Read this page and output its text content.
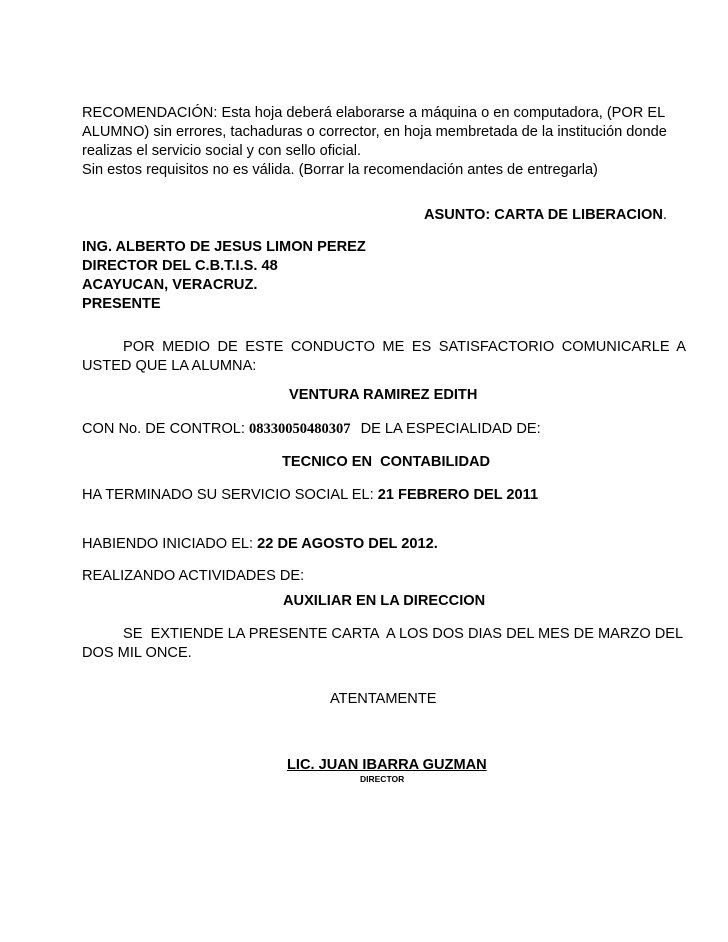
RECOMENDACIÓN: Esta hoja deberá elaborarse a máquina o en computadora, (POR EL
ALUMNO) sin errores, tachaduras o corrector, en hoja membretada de la institución donde
realizas el servicio social y con sello oficial.
Sin estos requisitos no es válida. (Borrar la recomendación antes de entregarla)
ASUNTO: CARTA DE LIBERACION.
ING. ALBERTO DE JESUS LIMON PEREZ
DIRECTOR DEL C.B.T.I.S. 48
ACAYUCAN, VERACRUZ.
PRESENTE
POR MEDIO DE ESTE CONDUCTO ME ES SATISFACTORIO COMUNICARLE A
USTED QUE LA ALUMNA:
VENTURA RAMIREZ EDITH
CON No. DE CONTROL: 08330050480307 DE LA ESPECIALIDAD DE:
TECNICO EN  CONTABILIDAD
HA TERMINADO SU SERVICIO SOCIAL EL: 21 FEBRERO DEL 2011
HABIENDO INICIADO EL: 22 DE AGOSTO DEL 2012.
REALIZANDO ACTIVIDADES DE:
AUXILIAR EN LA DIRECCION
SE  EXTIENDE LA PRESENTE CARTA  A LOS DOS DIAS DEL MES DE MARZO DEL
DOS MIL ONCE.
ATENTAMENTE
LIC. JUAN IBARRA GUZMAN
DIRECTOR
